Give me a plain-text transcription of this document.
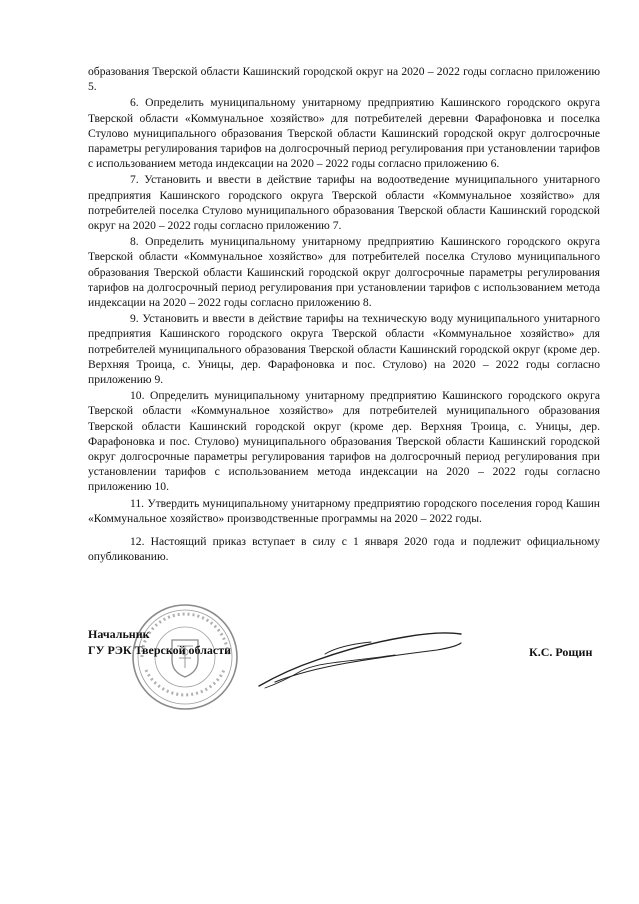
образования Тверской области Кашинский городской округ на 2020 – 2022 годы согласно приложению 5.

6. Определить муниципальному унитарному предприятию Кашинского городского округа Тверской области «Коммунальное хозяйство» для потребителей деревни Фарафоновка и поселка Стулово муниципального образования Тверской области Кашинский городской округ долгосрочные параметры регулирования тарифов на долгосрочный период регулирования при установлении тарифов с использованием метода индексации на 2020 – 2022 годы согласно приложению 6.

7. Установить и ввести в действие тарифы на водоотведение муниципального унитарного предприятия Кашинского городского округа Тверской области «Коммунальное хозяйство» для потребителей поселка Стулово муниципального образования Тверской области Кашинский городской округ на 2020 – 2022 годы согласно приложению 7.

8. Определить муниципальному унитарному предприятию Кашинского городского округа Тверской области «Коммунальное хозяйство» для потребителей поселка Стулово муниципального образования Тверской области Кашинский городской округ долгосрочные параметры регулирования тарифов на долгосрочный период регулирования при установлении тарифов с использованием метода индексации на 2020 – 2022 годы согласно приложению 8.

9. Установить и ввести в действие тарифы на техническую воду муниципального унитарного предприятия Кашинского городского округа Тверской области «Коммунальное хозяйство» для потребителей муниципального образования Тверской области Кашинский городской округ (кроме дер. Верхняя Троица, с. Уницы, дер. Фарафоновка и пос. Стулово) на 2020 – 2022 годы согласно приложению 9.

10. Определить муниципальному унитарному предприятию Кашинского городского округа Тверской области «Коммунальное хозяйство» для потребителей муниципального образования Тверской области Кашинский городской округ (кроме дер. Верхняя Троица, с. Уницы, дер. Фарафоновка и пос. Стулово) муниципального образования Тверской области Кашинский городской округ долгосрочные параметры регулирования тарифов на долгосрочный период регулирования при установлении тарифов с использованием метода индексации на 2020 – 2022 годы согласно приложению 10.

11. Утвердить муниципальному унитарному предприятию городского поселения город Кашин «Коммунальное хозяйство» производственные программы на 2020 – 2022 годы.

12. Настоящий приказ вступает в силу с 1 января 2020 года и подлежит официальному опубликованию.

Начальник
ГУ РЭК Тверской области	К.С. Рощин
